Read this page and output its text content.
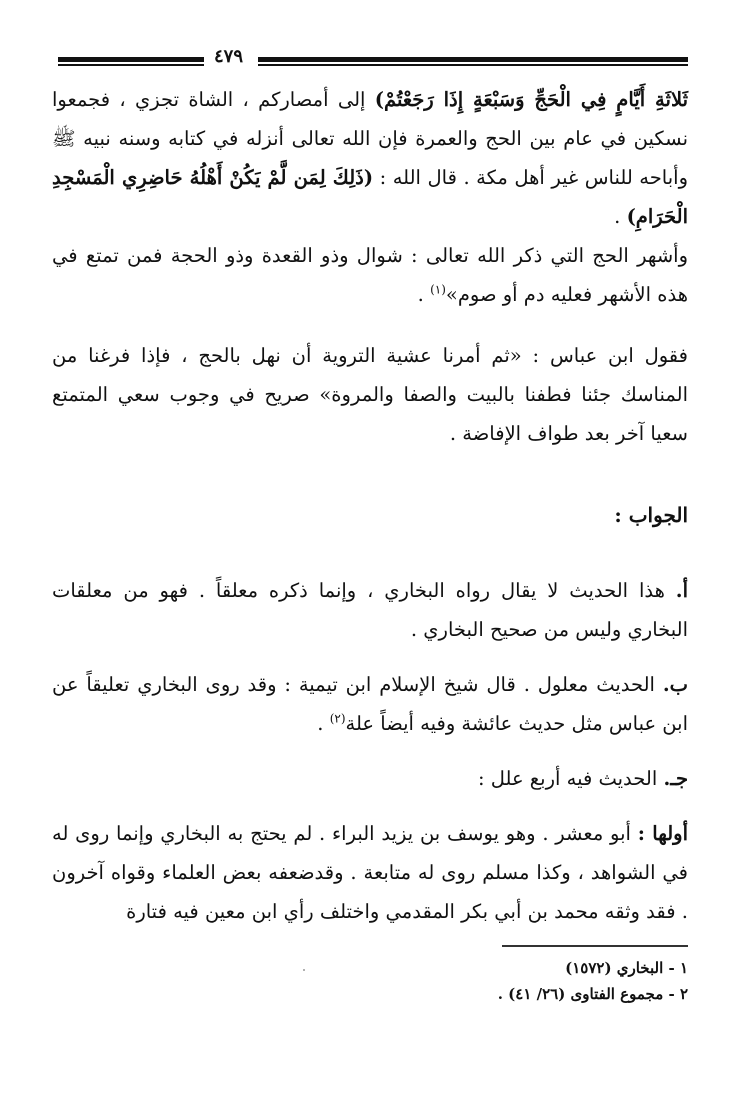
٤٧٩

ثَلاثَةِ أَيَّامٍ فِي الْحَجِّ وَسَبْعَةٍ إِذَا رَجَعْتُمْ) إلى أمصاركم ، الشاة تجزي ، فجمعوا نسكين في عام بين الحج والعمرة فإن الله تعالى أنزله في كتابه وسنه نبيه ﷺ وأباحه للناس غير أهل مكة . قال الله : (ذَلِكَ لِمَن لَّمْ يَكُنْ أَهْلُهُ حَاضِرِي الْمَسْجِدِ الْحَرَامِ) .

وأشهر الحج التي ذكر الله تعالى : شوال وذو القعدة وذو الحجة فمن تمتع في هذه الأشهر فعليه دم أو صوم»$^{(١)}$ .

فقول ابن عباس : «ثم أمرنا عشية التروية أن نهل بالحج ، فإذا فرغنا من المناسك جئنا فطفنا بالبيت والصفا والمروة» صريح في وجوب سعي المتمتع سعيا آخر بعد طواف الإفاضة .

الجواب :

أ. هذا الحديث لا يقال رواه البخاري ، وإنما ذكره معلقاً . فهو من معلقات البخاري وليس من صحيح البخاري .

ب. الحديث معلول . قال شيخ الإسلام ابن تيمية : وقد روى البخاري تعليقاً عن ابن عباس مثل حديث عائشة وفيه أيضاً علة$^{(٢)}$ .

جـ. الحديث فيه أربع علل :

أولها : أبو معشر . وهو يوسف بن يزيد البراء . لم يحتج به البخاري وإنما روى له في الشواهد ، وكذا مسلم روى له متابعة . وقدضعفه بعض العلماء وقواه آخرون . فقد وثقه محمد بن أبي بكر المقدمي واختلف رأي ابن معين فيه فتارة

١ - البخاري (١٥٧٢)
٢ - مجموع الفتاوى (٢٦/ ٤١) .
